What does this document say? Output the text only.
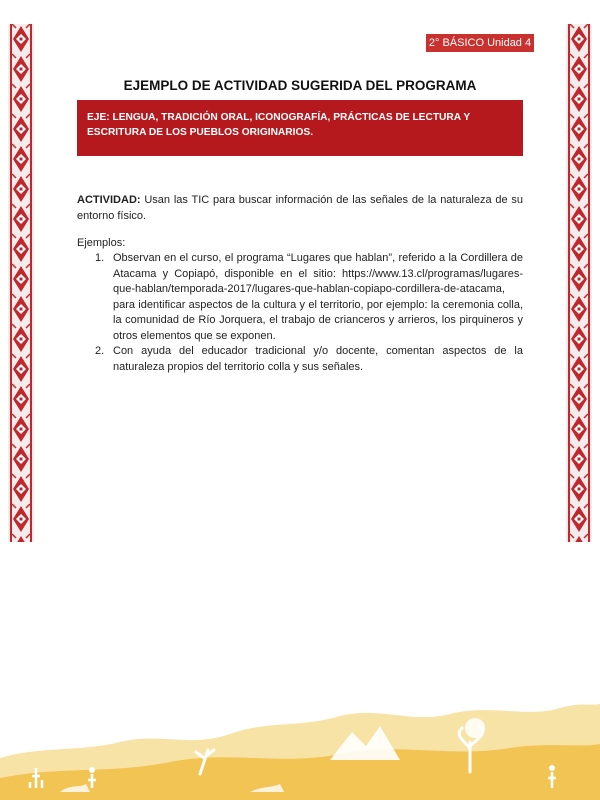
2° BÁSICO Unidad 4
EJEMPLO DE ACTIVIDAD SUGERIDA DEL PROGRAMA
EJE: LENGUA, TRADICIÓN ORAL, ICONOGRAFÍA, PRÁCTICAS DE LECTURA Y ESCRITURA DE LOS PUEBLOS ORIGINARIOS.
ACTIVIDAD: Usan las TIC para buscar información de las señales de la naturaleza de su entorno físico.
Ejemplos:
1. Observan en el curso, el programa “Lugares que hablan”, referido a la Cordillera de Atacama y Copiapó, disponible en el sitio: https://www.13.cl/programas/lugares-que-hablan/temporada-2017/lugares-que-hablan-copiapo-cordillera-de-atacama, para identificar aspectos de la cultura y el territorio, por ejemplo: la ceremonia colla, la comunidad de Río Jorquera, el trabajo de crianceros y arrieros, los pirquineros y otros elementos que se exponen.
2. Con ayuda del educador tradicional y/o docente, comentan aspectos de la naturaleza propios del territorio colla y sus señales.
